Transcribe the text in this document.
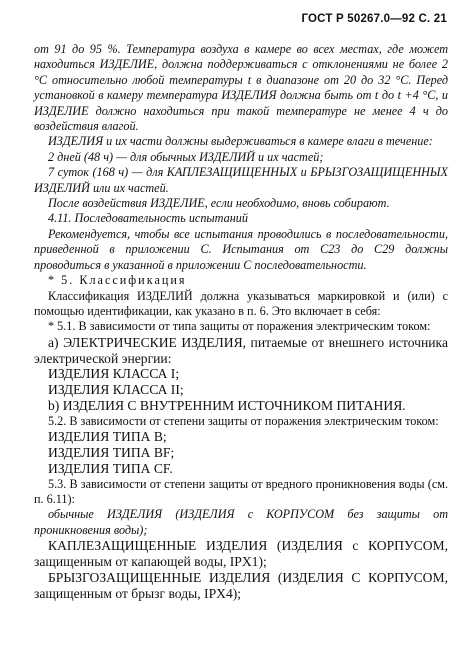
ГОСТ Р 50267.0—92 С. 21

от 91 до 95 %. Температура воздуха в камере во всех местах, где может находиться ИЗДЕЛИЕ, должна поддерживаться с отклонениями не более 2 °С относительно любой температуры t в диапазоне от 20 до 32 °С. Перед установкой в камеру температура ИЗДЕЛИЯ должна быть от t до t +4 °С, и ИЗДЕЛИЕ должно находиться при такой температуре не менее 4 ч до воздействия влагой.

ИЗДЕЛИЯ и их части должны выдерживаться в камере влаги в течение:

2 дней (48 ч) — для обычных ИЗДЕЛИЙ и их частей;

7 суток (168 ч) — для КАПЛЕЗАЩИЩЕННЫХ и БРЫЗГОЗАЩИЩЕННЫХ ИЗДЕЛИЙ или их частей.

После воздействия ИЗДЕЛИЕ, если необходимо, вновь собирают.

4.11. Последовательность испытаний

Рекомендуется, чтобы все испытания проводились в последовательности, приведенной в приложении С. Испытания от С23 до С29 должны проводиться в указанной в приложении С последовательности.

* 5. Классификация

Классификация ИЗДЕЛИЙ должна указываться маркировкой и (или) с помощью идентификации, как указано в п. 6. Это включает в себя:

* 5.1. В зависимости от типа защиты от поражения электрическим током:

а) ЭЛЕКТРИЧЕСКИЕ ИЗДЕЛИЯ, питаемые от внешнего источника электрической энергии:

ИЗДЕЛИЯ КЛАССА I;

ИЗДЕЛИЯ КЛАССА II;

b) ИЗДЕЛИЯ С ВНУТРЕННИМ ИСТОЧНИКОМ ПИТАНИЯ.

5.2. В зависимости от степени защиты от поражения электрическим током:

ИЗДЕЛИЯ ТИПА В;

ИЗДЕЛИЯ ТИПА BF;

ИЗДЕЛИЯ ТИПА CF.

5.3. В зависимости от степени защиты от вредного проникновения воды (см. п. 6.11):

обычные ИЗДЕЛИЯ (ИЗДЕЛИЯ с КОРПУСОМ без защиты от проникновения воды);

КАПЛЕЗАЩИЩЕННЫЕ ИЗДЕЛИЯ (ИЗДЕЛИЯ с КОРПУСОМ, защищенным от капающей воды, IPX1);

БРЫЗГОЗАЩИЩЕННЫЕ ИЗДЕЛИЯ (ИЗДЕЛИЯ С КОРПУСОМ, защищенным от брызг воды, IPX4);
